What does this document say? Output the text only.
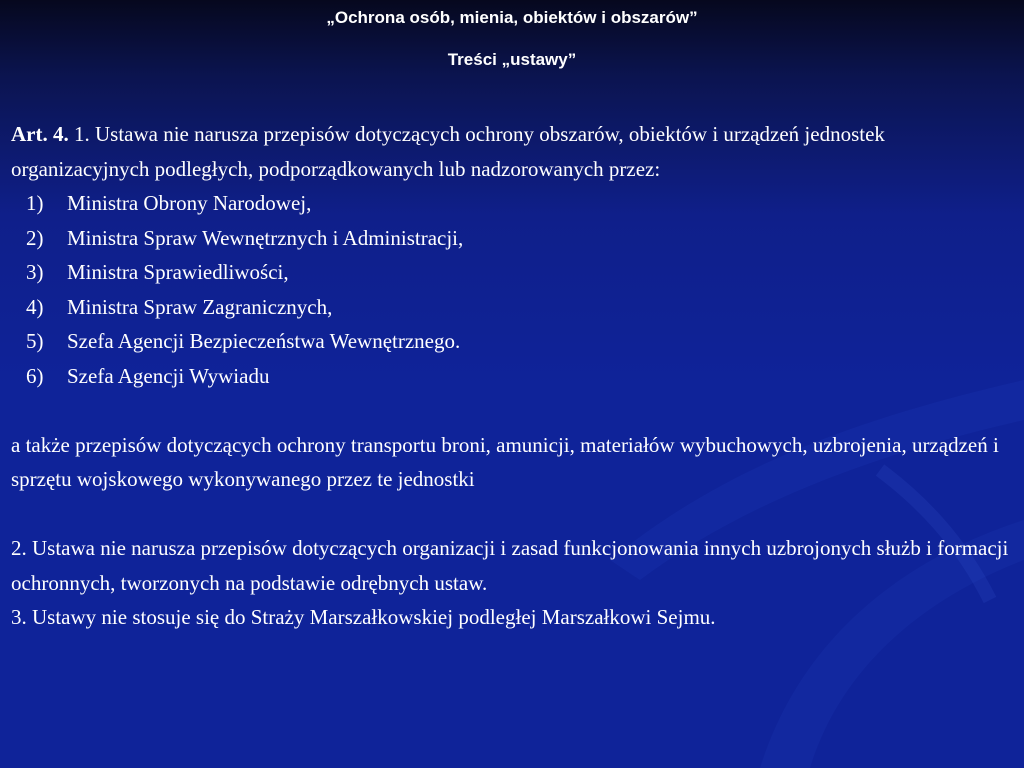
„Ochrona osób, mienia, obiektów i obszarów”
Treści „ustawy”

Art. 4. 1. Ustawa nie narusza przepisów dotyczących ochrony obszarów, obiektów i urządzeń jednostek organizacyjnych podległych, podporządkowanych lub nadzorowanych przez:

1) Ministra Obrony Narodowej,
2) Ministra Spraw Wewnętrznych i Administracji,
3) Ministra Sprawiedliwości,
4) Ministra Spraw Zagranicznych,
5) Szefa Agencji Bezpieczeństwa Wewnętrznego.
6) Szefa Agencji Wywiadu

a także przepisów dotyczących ochrony transportu broni, amunicji, materiałów wybuchowych, uzbrojenia, urządzeń i sprzętu wojskowego wykonywanego przez te jednostki

2. Ustawa nie narusza przepisów dotyczących organizacji i zasad funkcjonowania innych uzbrojonych służb i formacji ochronnych, tworzonych na podstawie odrębnych ustaw.

3. Ustawy nie stosuje się do Straży Marszałkowskiej podległej Marszałkowi Sejmu.
